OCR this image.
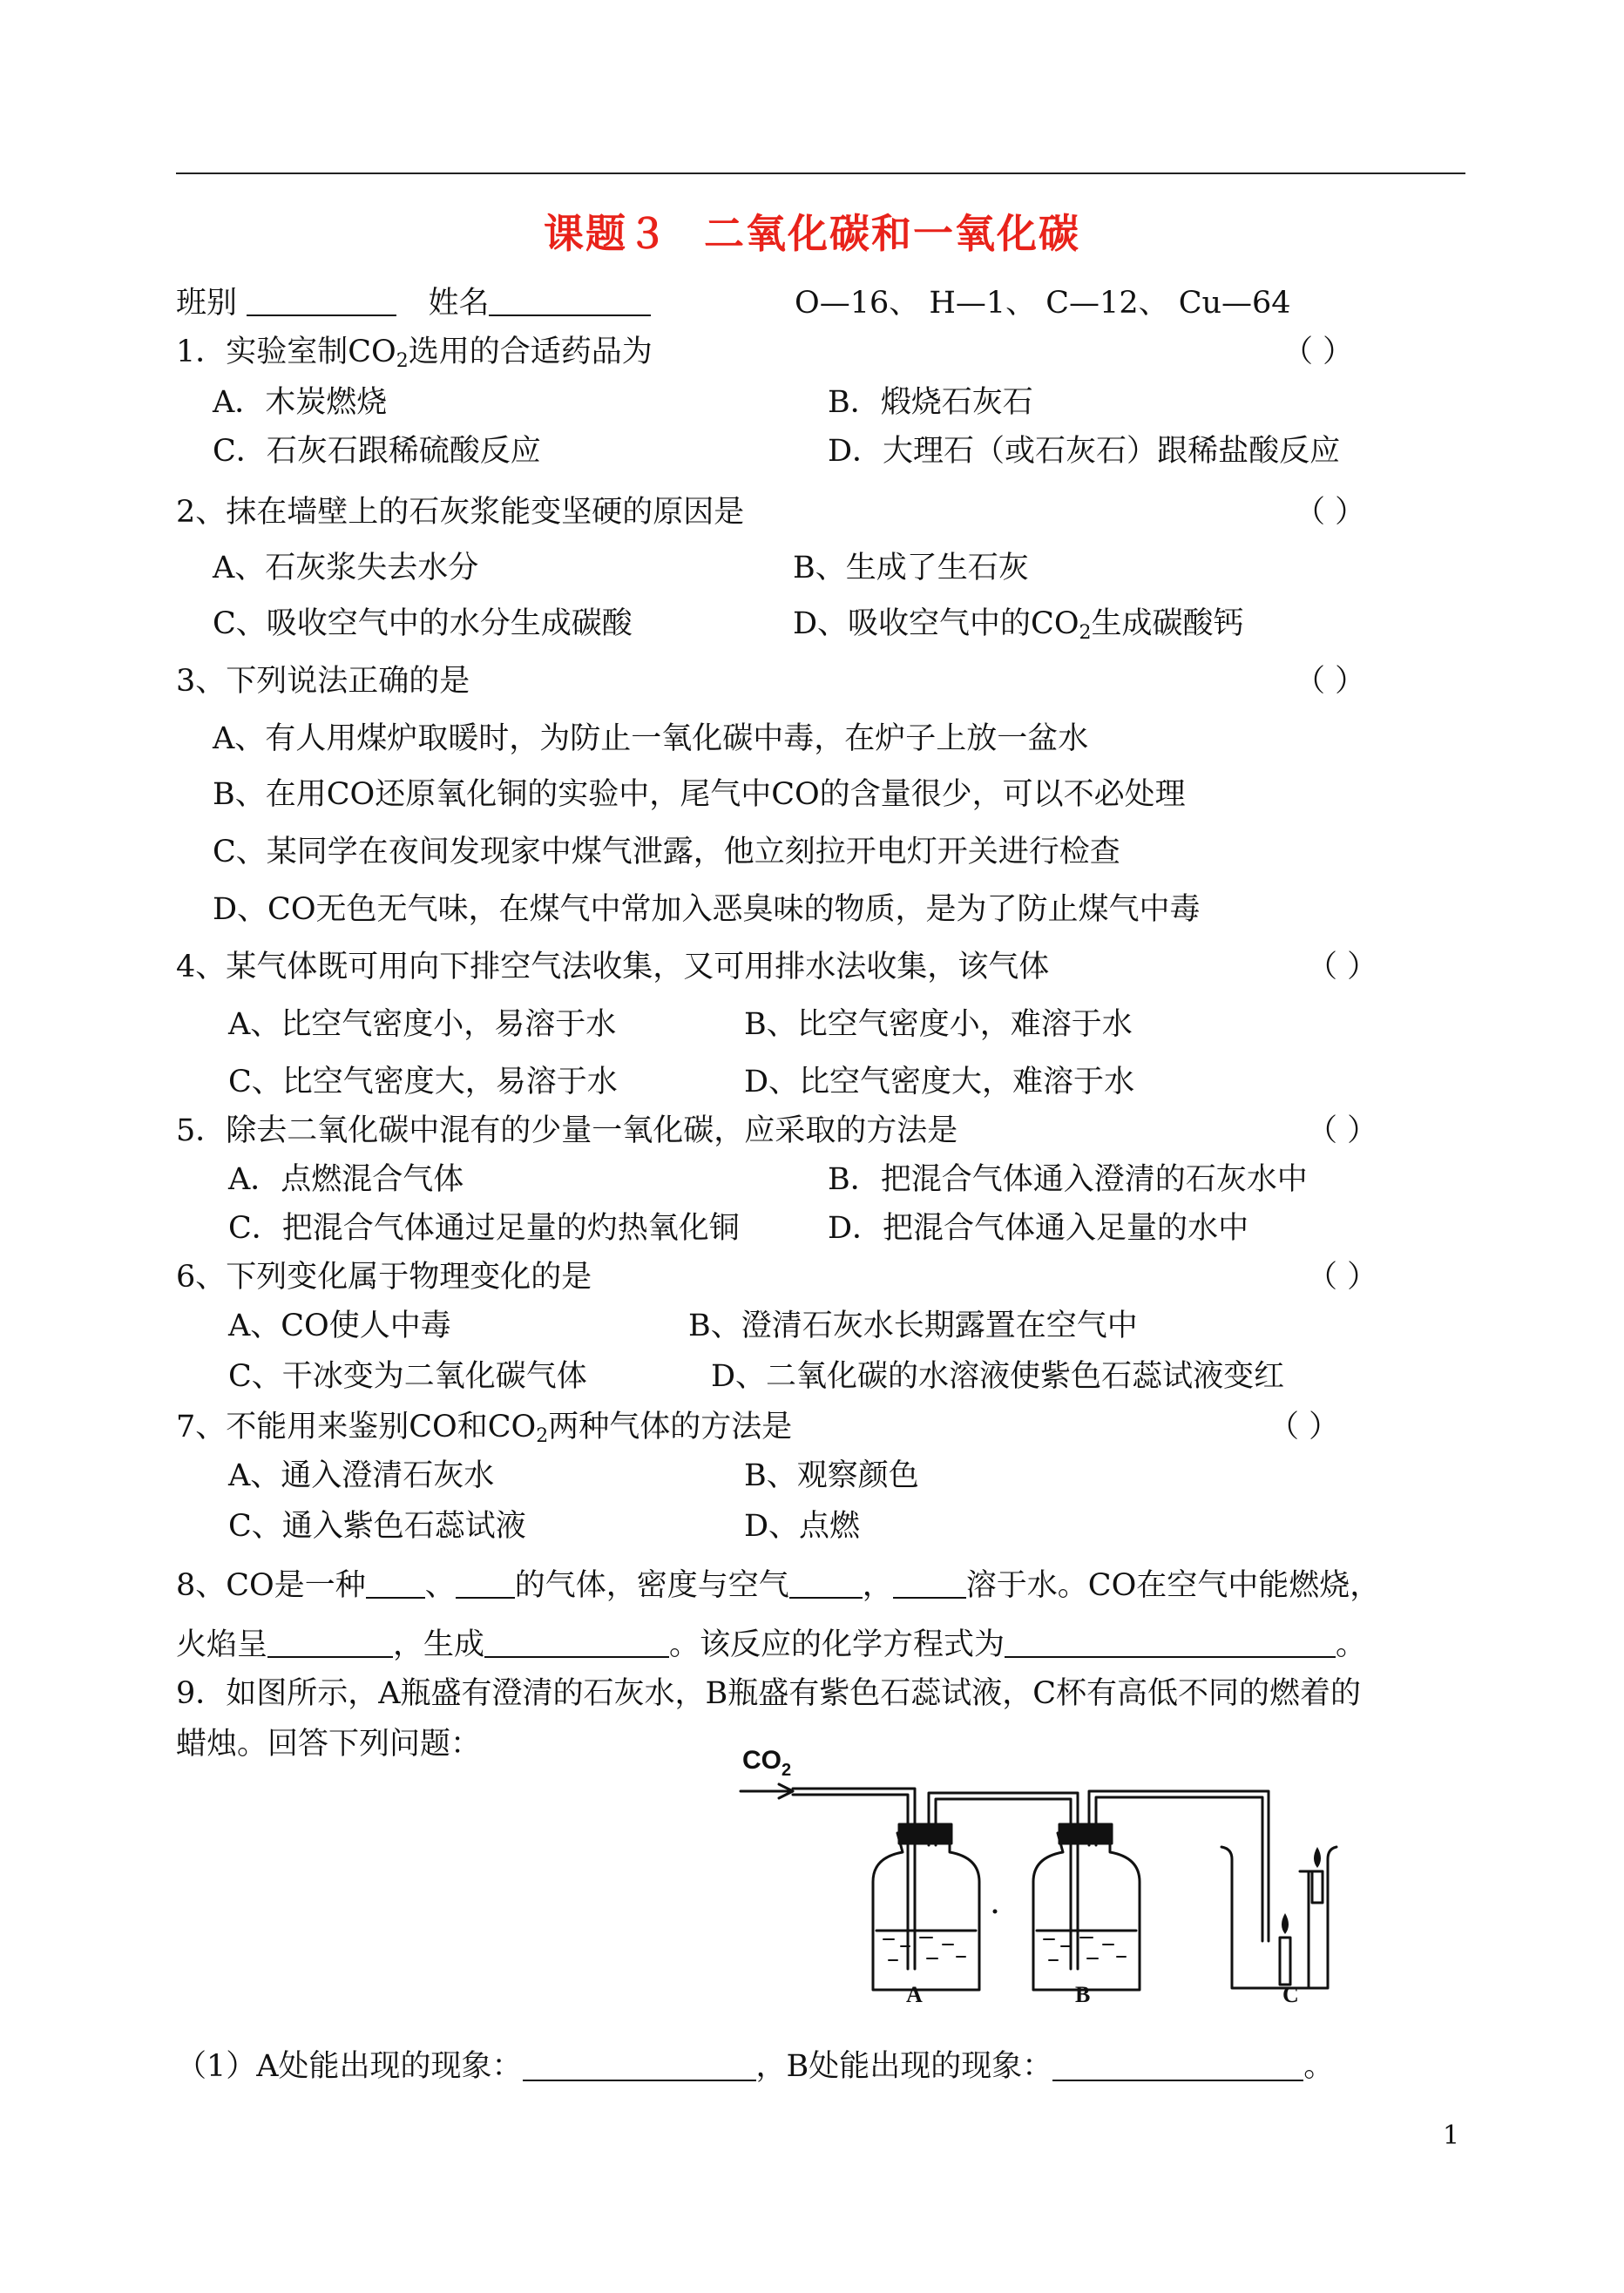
课题３ 二氧化碳和一氧化碳
班别	姓名	O—16、 H—1、 C—12、 Cu—64
1．实验室制$CO_2$选用的合适药品为	（ ）
A．木炭燃烧	B．煅烧石灰石
C．石灰石跟稀硫酸反应	D．大理石（或石灰石）跟稀盐酸反应
2、抹在墙壁上的石灰浆能变坚硬的原因是	（ ）
A、石灰浆失去水分	B、生成了生石灰
C、吸收空气中的水分生成碳酸	D、吸收空气中的$CO_2$生成碳酸钙
3、下列说法正确的是	（ ）
A、有人用煤炉取暖时，为防止一氧化碳中毒，在炉子上放一盆水
B、在用CO还原氧化铜的实验中，尾气中CO的含量很少，可以不必处理
C、某同学在夜间发现家中煤气泄露，他立刻拉开电灯开关进行检查
D、CO无色无气味，在煤气中常加入恶臭味的物质，是为了防止煤气中毒
4、某气体既可用向下排空气法收集，又可用排水法收集，该气体	（ ）
A、比空气密度小，易溶于水	B、比空气密度小，难溶于水
C、比空气密度大，易溶于水	D、比空气密度大，难溶于水
5．除去二氧化碳中混有的少量一氧化碳，应采取的方法是	（ ）
A．点燃混合气体	B．把混合气体通入澄清的石灰水中
C．把混合气体通过足量的灼热氧化铜	D．把混合气体通入足量的水中
6、下列变化属于物理变化的是	（ ）
A、CO使人中毒	B、澄清石灰水长期露置在空气中
C、干冰变为二氧化碳气体	D、二氧化碳的水溶液使紫色石蕊试液变红
7、不能用来鉴别CO和$CO_2$两种气体的方法是	（ ）
A、通入澄清石灰水	B、观察颜色
C、通入紫色石蕊试液	D、点燃
8、CO是一种 、 的气体，密度与空气 ， 溶于水。CO在空气中能燃烧，
火焰呈	，生成	。该反应的化学方程式为	。
9．如图所示，A瓶盛有澄清的石灰水，B瓶盛有紫色石蕊试液，C杯有高低不同的燃着的
蜡烛。回答下列问题：	$CO_2$
A	B	C
（1）A处能出现的现象：	，B处能出现的现象：	。
1
